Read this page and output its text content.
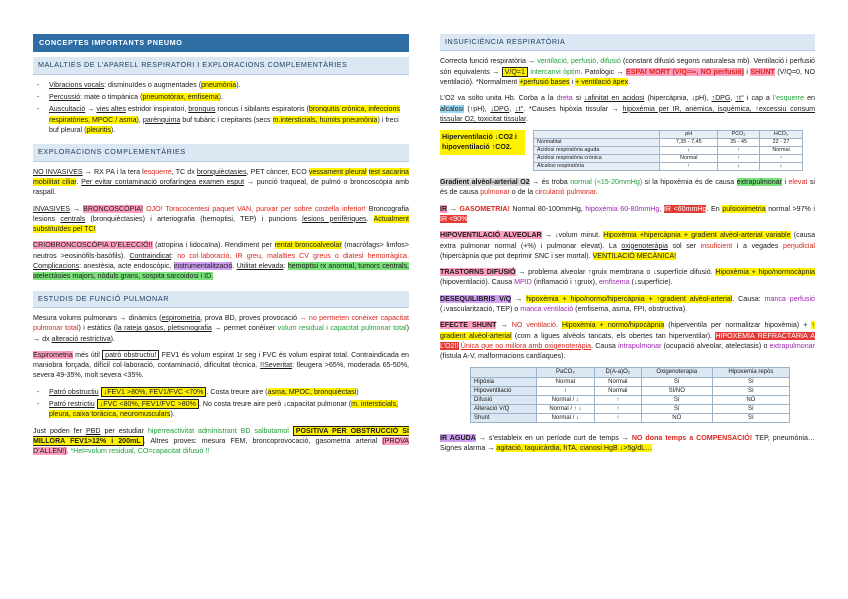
CONCEPTES IMPORTANTS PNEUMO
MALALTIES DE L’APARELL RESPIRATORI I EXPLORACIONS COMPLEMENTÀRIES
- Vibracions vocals: disminuïdes o augmentades (pneumònia).
- Percussió: mate o timpànica (pneumotòrax, emfisema).
- Auscultació → vies altes estridor inspiratori, bronquis roncus i sibilants espiratoris (bronquitis crònica, infeccions respiratòries, MPOC / asma), parènquima buf tubàric i crepitants (secs m.intersticials, humits pneumònia) i freci buf pleural (pleuritis).
EXPLORACIONS COMPLEMENTÀRIES

NO INVASIVES → RX PA i la tera lesquerre, TC dx bronquièctasies, PET càncer, ECO vessament pleural test sacarina mobilitat ciliar. Per evitar contaminació orofaríngea examen esput → punció traqueal, de pulmó o broncoscòpia amb raspall.

INVASIVES → BRONCOSCÒPIA! OJO! Toracocentesi paquet VAN, punxar per sobre costella inferior! Broncografia lesions centrals (bronquièctasies) i arteriografia (hemoptisi, TEP) i puncions lesions perifèriques. Actualment substituïdes pel TC!

CRIOBRONCOSCÒPIA D’ELECCIÓ!! (atropina i lidocaïna). Rendiment per rentat broncoalveolar (macròfags> limfos> neutros >eosinòfils-basòfils). Contraindicat: no col·laboració, IR greu, malalties CV greus o diatesi hemorràgica. Complicacions: anestèsia, acte endoscòpic, instrumentalització. Utilitat elevada: hemoptisi rx anormal, tumors centrals, atelectàsies majors, nòduls grans, sospita sarcoidosi i ID.

ESTUDIS DE FUNCIÓ PULMONAR

Mesura volums pulmonars → dinàmics (espirometria, prova BD, proves provocació → no permeten conèixer capacitat pulmonar total) i estàtics (la rateja gasos, pletismografia → permet conèixer volum residual i capacitat pulmonar total) → dx alteració restrictiva).

Espirometria més útil patró obstructiu! FEV1 és volum espirat 1r seg i FVC és volum espirat total. Contraindicada en maniobra forçada, difícil col·laboració, contaminació, dificultat tècnica. !!Severitat: lleugera >65%, moderada 65-50%, severa 49-35%, molt severa <35%.

- Patró obstructiu ↓FEV1 >80%, FEV1/FVC <70% . Costa treure aire (asma, MPOC, bronquièctasi)
- Patró restrictiu ↓FVC <80%, FEV1/FVC >80% . No costa treure aire però ↓capacitat pulmonar (m. intersticials, pleura, caixa toràcica, neuromusculars).

Just poden fer PBD per estudiar hiperreactivitat administrant BD salbutamol POSITIVA PER OBSTRUCCIÓ SI MILLORA FEV1>12% i 200mL . Altres proves: mesura FEM, broncoprovocació, gasometria arterial (PROVA D’ALLEN!). *Hel=volum residual, CO=capacitat difusió !!

INSUFICIÈNCIA RESPIRATÒRIA

Correcta funció respiratòria → ventilació, perfusió, difusió (constant difusió segons naturalesa mb). Ventilació i perfusió són equivalents → V/Q=1 intercanvi òptim. Patològic → ESPAI MORT (V/Q=∞, NO perfusió) i SHUNT (V/Q=0, NO ventilació). *Normalment +perfusió bases i + ventilació àpex.

L’O2 va solto unita Hb. Corba a la dreta si ↓afinitat en acidosi (hipercàpnia, ↓pH), ↑DPG, ↑t° i cap a l’esquerre en alcalosi (↑pH), ↓DPG, ↓t°. *Causes hipòxia tissular → hipoxèmia per IR, anèmica, isquèmica, ↑excessiu consum tissular O2, toxicitat tissular.

Hiperventilació ↓CO2 i hipoventilació ↑CO2.
	pH	PCO₂	HCO₃
Normalitat	7,35 - 7,45	35 - 45	22 - 27
Acidosi respiratòria aguda	↓	↑	Normal
Acidosi respiratòria crònica	Normal	↑	↑
Alcalosi respiratòria	↑	↓	↓

Gradient alvèol-arterial O2 → és troba normal (<15-20mmHg) si la hipoxèmia és de causa extrapulmonar i elevat si és de causa pulmonar o de la circulació pulmonar.

IR → GASOMETRIA! Normal 80-100mmHg, hipoxèmia 60-80mmHg, IR <60mmHg. En pulsioximetria normal >97% i IR <90%

HIPOVENTILACIÓ ALVEOLAR → ↓volum minut. Hipoxèmia +hipercàpnia + gradient alvèol-arterial variable (causa extra pulmonar normal (+%) i pulmonar elevat). La oxigenoteràpia sol ser insuficient i a vegades perjudicial (hipercàpnia que pot deprimir SNC i ser mortal). VENTILACIÓ MECÀNICA!

TRASTORNS DIFUSIÓ → problema alveolar ↑gruix membrana o ↓superfície difusió. Hipoxèmia + hipo/normocàpnia (hipoventilació). Causa MPID (inflamació i ↑gruix), emfisema (↓superfície).

DESEQUILIBRIS V/Q → hipoxèmia + hipo/normo/hipercàpnia + ↑gradient alvèol-arterial. Causa: manca perfusió (↓vascularització, TEP) o manca ventilació (emfisema, asma, FPI, obstructiva).

EFECTE SHUNT → NO ventilació. Hipoxèmia + normo/hipocàpnia (hiperventila per normalitzar hipoxèmia) + ↑ gradient alvèol-arterial (com a ligues alvèols tancats, els obertes tan hiperventilar). HIPOXÈMIA REFRACTÀRIA A L’O2!! Única que no millora amb oxigenoteràpia. Causa intrapulmonar (ocupació alveolar, atelectasis) o extrapulmonar (fístula A-V, malformacions cardíaques).

	PaCO₂	D(A-a)O₂	Oxigenoterapia	Hipoxemia repòs
Hipòxia	Normal	Normal	Sí	Sí
Hipoventilació	↑	Normal	SÍ/NO	Sí
Difusió	Normal / ↓	↑	Sí	NO
Alteració V/Q	Normal / ↑ ↓	↑	Sí	Sí
Shunt	Normal / ↓	↑	NO	Sí

IR AGUDA → s’estableix en un període curt de temps → NO dona temps a COMPENSACIÓ! TEP, pneumònia… Signes alarma → agitació, taquicàrdia, hTA, cianosi HgB ↓>5g/dL…
